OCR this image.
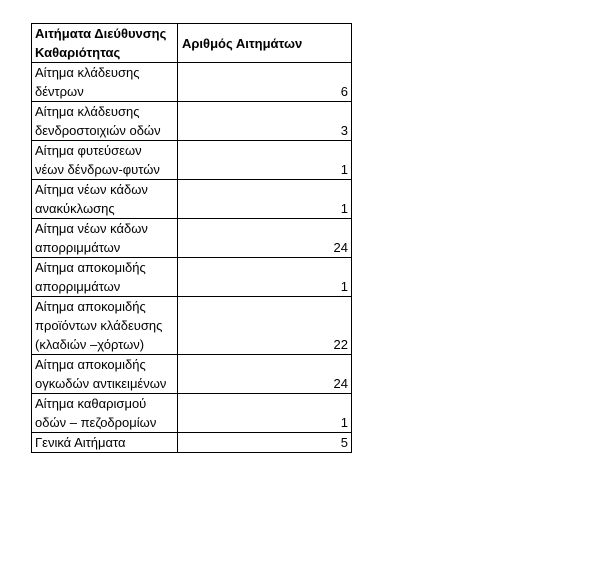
Αιτήματα Διεύθυνσης Καθαριότητας	Αριθμός Αιτημάτων
Αίτημα κλάδευσης δέντρων	6
Αίτημα κλάδευσης δενδροστοιχιών οδών	3
Αίτημα φυτεύσεων νέων δένδρων-φυτών	1
Αίτημα νέων κάδων ανακύκλωσης	1
Αίτημα νέων κάδων απορριμμάτων	24
Αίτημα αποκομιδής απορριμμάτων	1
Αίτημα αποκομιδής προϊόντων κλάδευσης (κλαδιών –χόρτων)	22
Αίτημα αποκομιδής ογκωδών αντικειμένων	24
Αίτημα καθαρισμού οδών – πεζοδρομίων	1
Γενικά Αιτήματα	5
